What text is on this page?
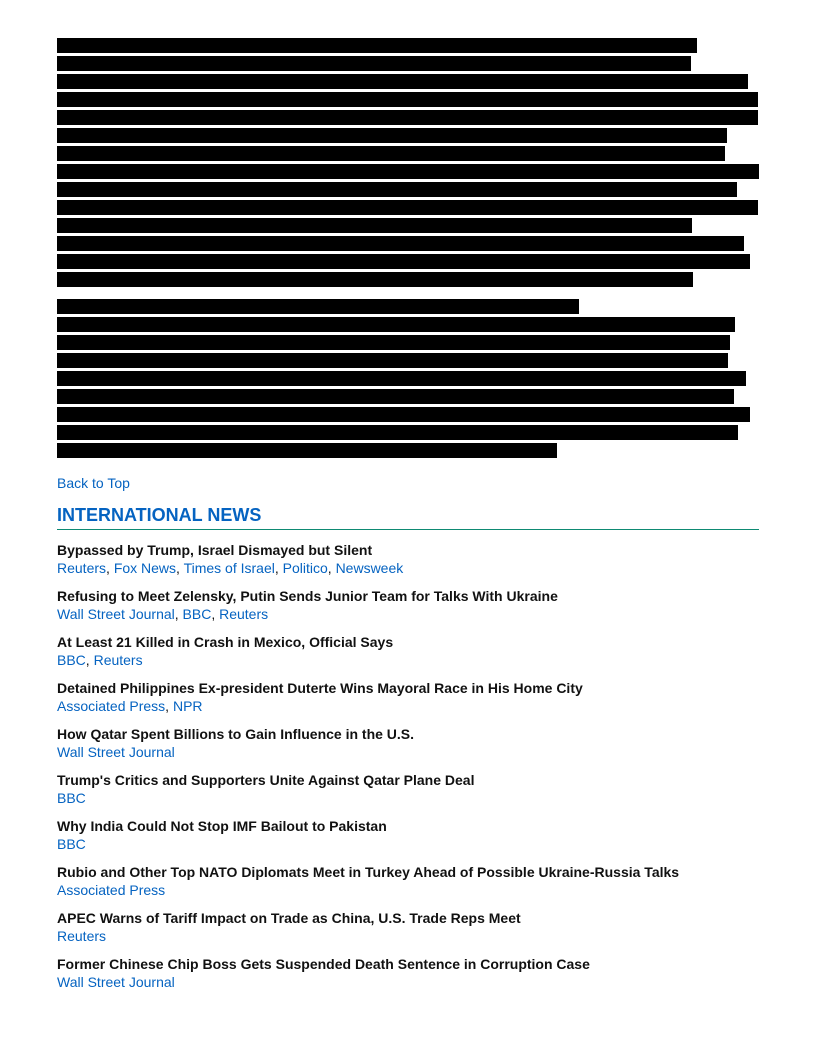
Back to Top
INTERNATIONAL NEWS
Bypassed by Trump, Israel Dismayed but Silent
Reuters, Fox News, Times of Israel, Politico, Newsweek
Refusing to Meet Zelensky, Putin Sends Junior Team for Talks With Ukraine
Wall Street Journal, BBC, Reuters
At Least 21 Killed in Crash in Mexico, Official Says
BBC, Reuters
Detained Philippines Ex-president Duterte Wins Mayoral Race in His Home City
Associated Press, NPR
How Qatar Spent Billions to Gain Influence in the U.S.
Wall Street Journal
Trump's Critics and Supporters Unite Against Qatar Plane Deal
BBC
Why India Could Not Stop IMF Bailout to Pakistan
BBC
Rubio and Other Top NATO Diplomats Meet in Turkey Ahead of Possible Ukraine-Russia Talks
Associated Press
APEC Warns of Tariff Impact on Trade as China, U.S. Trade Reps Meet
Reuters
Former Chinese Chip Boss Gets Suspended Death Sentence in Corruption Case
Wall Street Journal
